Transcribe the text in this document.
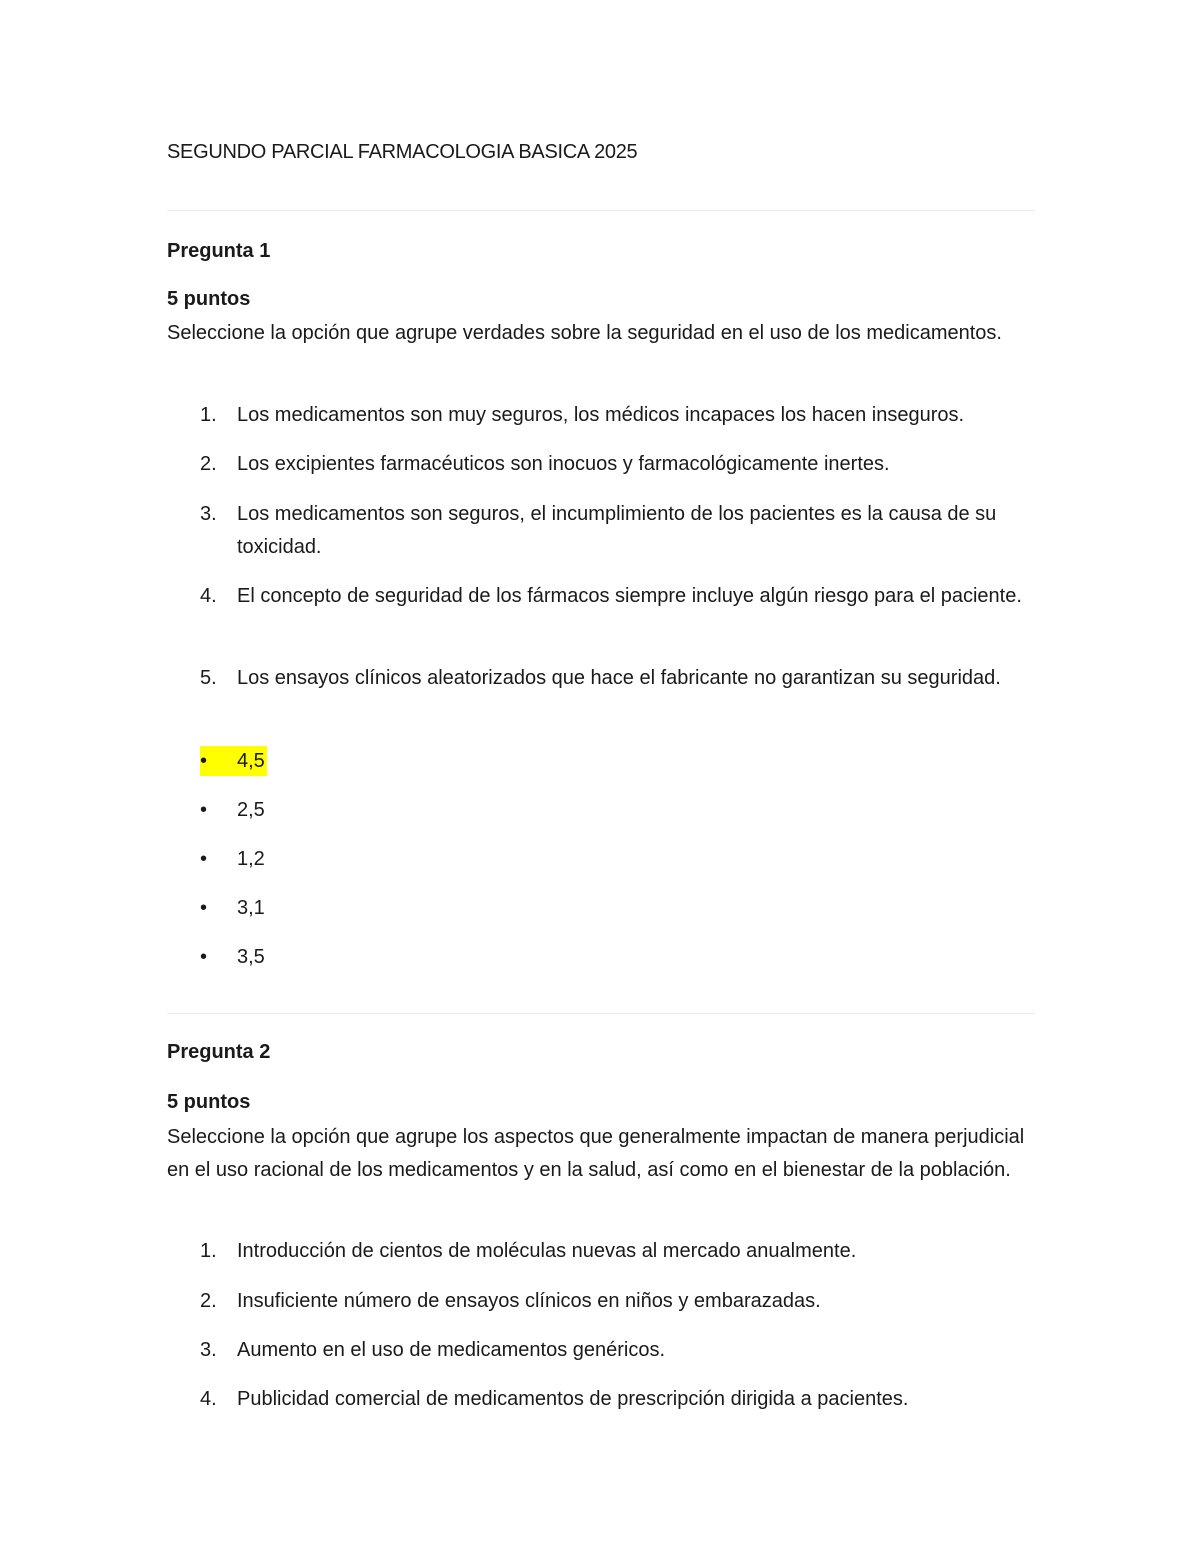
SEGUNDO PARCIAL FARMACOLOGIA BASICA 2025
Pregunta 1
5 puntos
Seleccione la opción que agrupe verdades sobre la seguridad en el uso de los medicamentos.
1. Los medicamentos son muy seguros, los médicos incapaces los hacen inseguros.
2. Los excipientes farmacéuticos son inocuos y farmacológicamente inertes.
3. Los medicamentos son seguros, el incumplimiento de los pacientes es la causa de su toxicidad.
4. El concepto de seguridad de los fármacos siempre incluye algún riesgo para el paciente.
5. Los ensayos clínicos aleatorizados que hace el fabricante no garantizan su seguridad.
• 4,5
• 2,5
• 1,2
• 3,1
• 3,5
Pregunta 2
5 puntos
Seleccione la opción que agrupe los aspectos que generalmente impactan de manera perjudicial en el uso racional de los medicamentos y en la salud, así como en el bienestar de la población.
1. Introducción de cientos de moléculas nuevas al mercado anualmente.
2. Insuficiente número de ensayos clínicos en niños y embarazadas.
3. Aumento en el uso de medicamentos genéricos.
4. Publicidad comercial de medicamentos de prescripción dirigida a pacientes.
